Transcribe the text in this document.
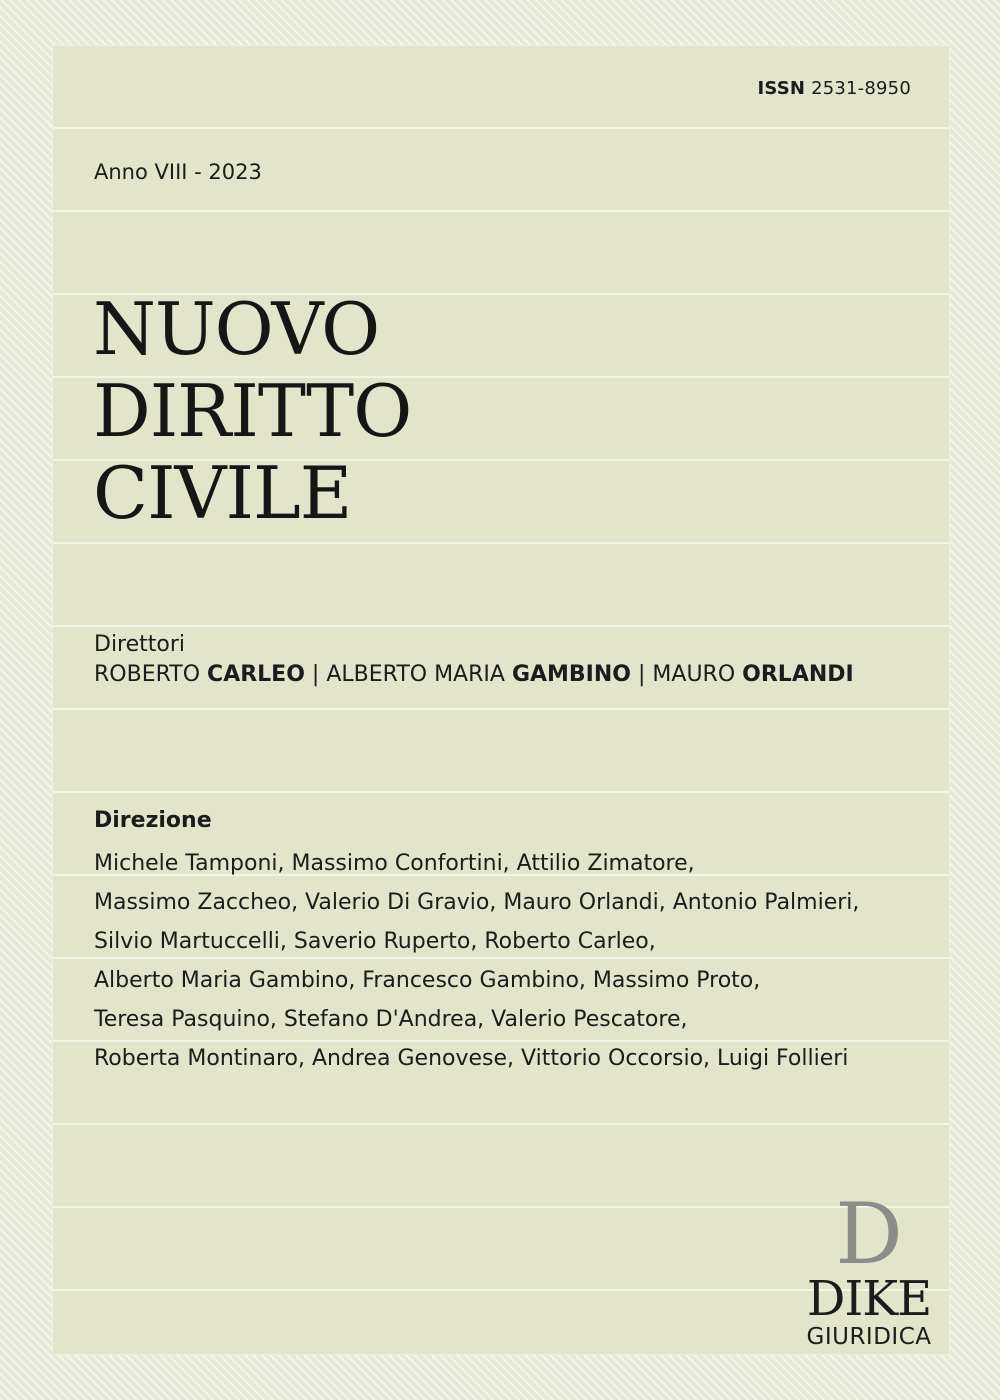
ISSN 2531-8950
Anno VIII - 2023
NUOVO
DIRITTO
CIVILE
Direttori
ROBERTO CARLEO | ALBERTO MARIA GAMBINO | MAURO ORLANDI
Direzione
Michele Tamponi, Massimo Confortini, Attilio Zimatore,
Massimo Zaccheo, Valerio Di Gravio, Mauro Orlandi, Antonio Palmieri,
Silvio Martuccelli, Saverio Ruperto, Roberto Carleo,
Alberto Maria Gambino, Francesco Gambino, Massimo Proto,
Teresa Pasquino, Stefano D'Andrea, Valerio Pescatore,
Roberta Montinaro, Andrea Genovese, Vittorio Occorsio, Luigi Follieri
D
DIKE
GIURIDICA
